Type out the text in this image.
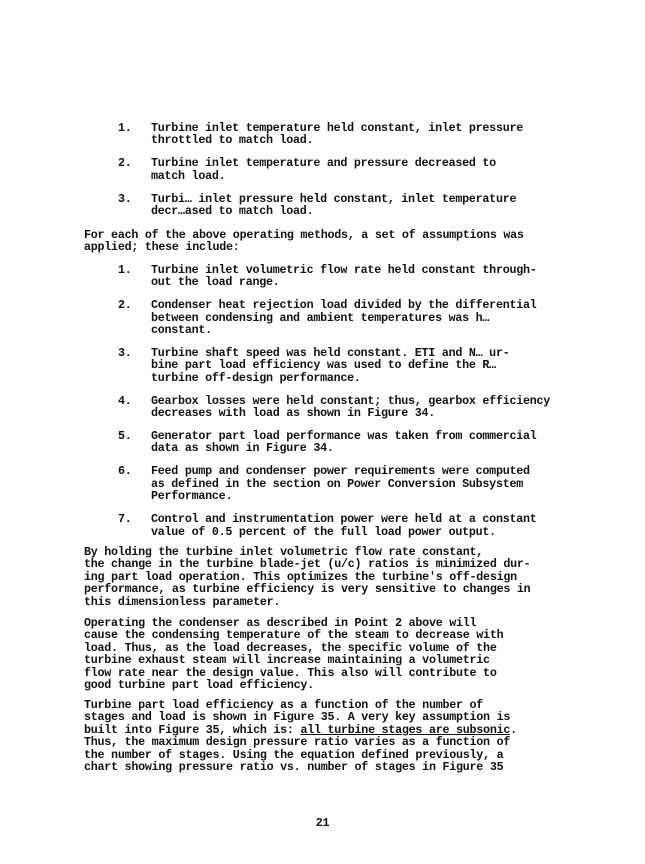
1. Turbine inlet temperature held constant, inlet pressure
throttled to match load.
2. Turbine inlet temperature and pressure decreased to
match load.
3. Turbi… inlet pressure held constant, inlet temperature
decr…ased to match load.

For each of the above operating methods, a set of assumptions was
applied; these include:

1. Turbine inlet volumetric flow rate held constant through-
out the load range.
2. Condenser heat rejection load divided by the differential
between condensing and ambient temperatures was h…
constant.
3. Turbine shaft speed was held constant. ETI and N… ur-
bine part load efficiency was used to define the R…
turbine off-design performance.
4. Gearbox losses were held constant; thus, gearbox efficiency
decreases with load as shown in Figure 34.
5. Generator part load performance was taken from commercial
data as shown in Figure 34.
6. Feed pump and condenser power requirements were computed
as defined in the section on Power Conversion Subsystem
Performance.
7. Control and instrumentation power were held at a constant
value of 0.5 percent of the full load power output.

By holding the turbine inlet volumetric flow rate constant,
the change in the turbine blade-jet (u/c) ratios is minimized dur-
ing part load operation. This optimizes the turbine's off-design
performance, as turbine efficiency is very sensitive to changes in
this dimensionless parameter.

Operating the condenser as described in Point 2 above will
cause the condensing temperature of the steam to decrease with
load. Thus, as the load decreases, the specific volume of the
turbine exhaust steam will increase maintaining a volumetric
flow rate near the design value. This also will contribute to
good turbine part load efficiency.

Turbine part load efficiency as a function of the number of
stages and load is shown in Figure 35. A very key assumption is
built into Figure 35, which is: all turbine stages are subsonic.
Thus, the maximum design pressure ratio varies as a function of
the number of stages. Using the equation defined previously, a
chart showing pressure ratio vs. number of stages in Figure 35

21
